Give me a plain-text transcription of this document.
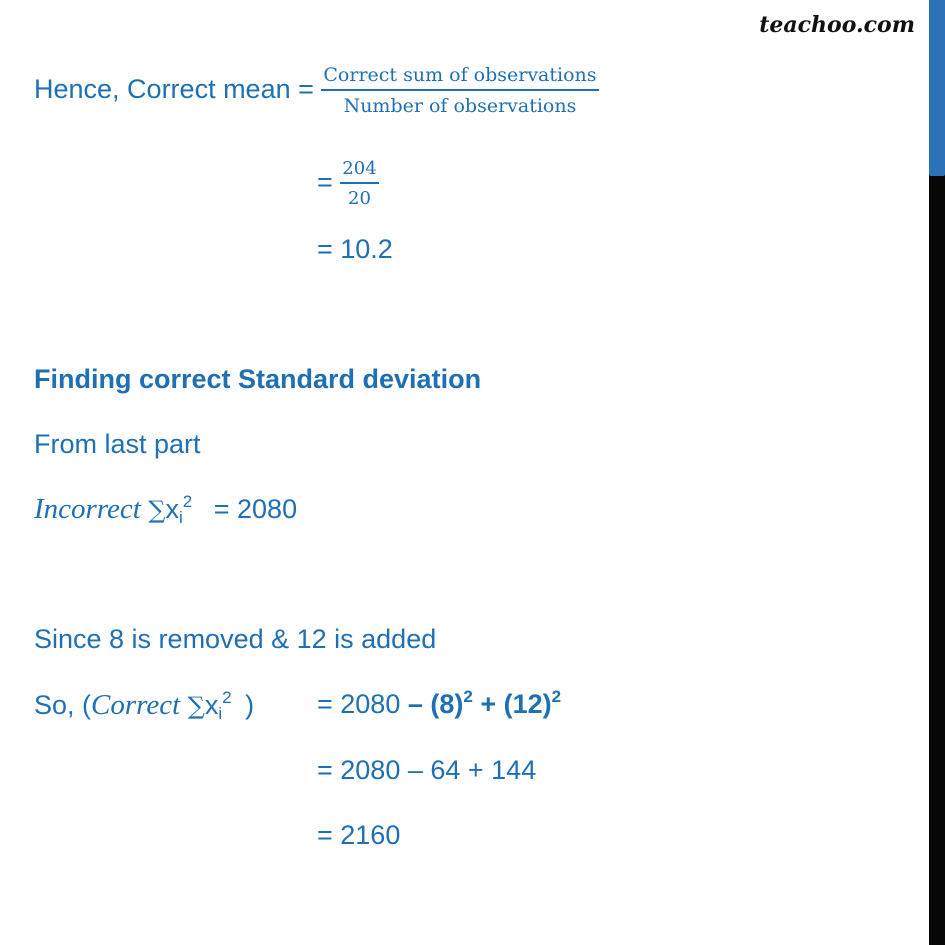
teachoo.com
Hence, Correct mean = $\frac{\text{Correct sum of observations}}{\text{Number of observations}}$
= $\frac{204}{20}$
= 10.2
Finding correct Standard deviation
From last part
Incorrect $\sum x_i^2 = 2080$
Since 8 is removed & 12 is added
So, (Correct $\sum x_i^2$ ) = $2080 - (8)^2 + (12)^2$
= 2080 – 64 + 144
= 2160
